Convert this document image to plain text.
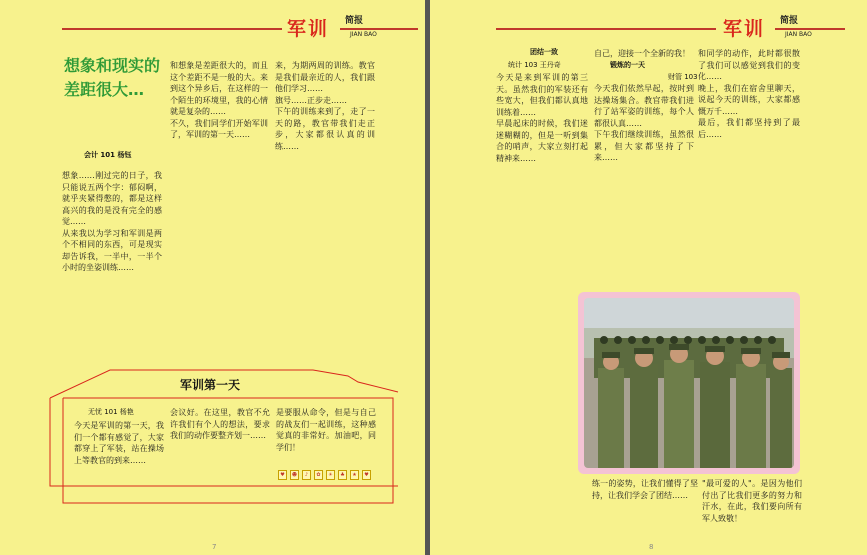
军训 简报
JIAN BAO
想象和现实的差距很大…
会计 101 杨钰
想象……刚过完的日子，我只能说五两个字：郁闷啊，就乎夹紧得憋的，都是这样高兴的我的是没有完全的感觉……
从来我以为学习和军训是两个不相同的东西，可是现实却告诉我，一半中，一半个小时的坐姿训练……
和想象是差距很大的，而且这个差距不是一般的大。来到这个异乡后，在这样的一个陌生的环境里，我的心情就是复杂的……
不久，我们同学们开始军训了，军训的第一天……
来，为期两周的训练。教官是我们最亲近的人，我们跟他们学习……
旗号……正步走……
下午的训练来到了，走了一天的路，教官带我们走正步，大家都很认真的训练……
军训第一天
无忧 101 杨艳
今天是军训的第一天，我们一个都有感觉了，大家都穿上了军装，站在操场上等教官的到来……
会议好。在这里，教官不允许我们有个人的想法，要求我们的动作要整齐划一……
是要服从命令，但是与自己的战友们一起训练，这种感觉真的非常好。加油吧，同学们！
♥	☻	♪	✿	☀	♣	★	♥
7
军训 简报
JIAN BAO
团结一致
统计 103 王丹奇
今天是来到军训的第三天。虽然我们的军装还有些宽大，但我们都认真地训练着……
早晨起床的时候，我们迷迷糊糊的，但是一听到集合的哨声，大家立刻打起精神来……
自己，迎接一个全新的我！
锻炼的一天
财管 103
今天我们依然早起，按时到达操场集合。教官带我们进行了站军姿的训练，每个人都很认真……
下午我们继续训练，虽然很累，但大家都坚持了下来……
和同学的动作，此时都很散了我们可以感觉到我们的变化……
晚上，我们在宿舍里聊天，说起今天的训练，大家都感慨万千……
最后，我们都坚持到了最后……
练一的姿势，让我们懂得了坚持，让我们学会了团结……
"最可爱的人"。是因为他们付出了比我们更多的努力和汗水，在此，我们要向所有军人致敬！
8
